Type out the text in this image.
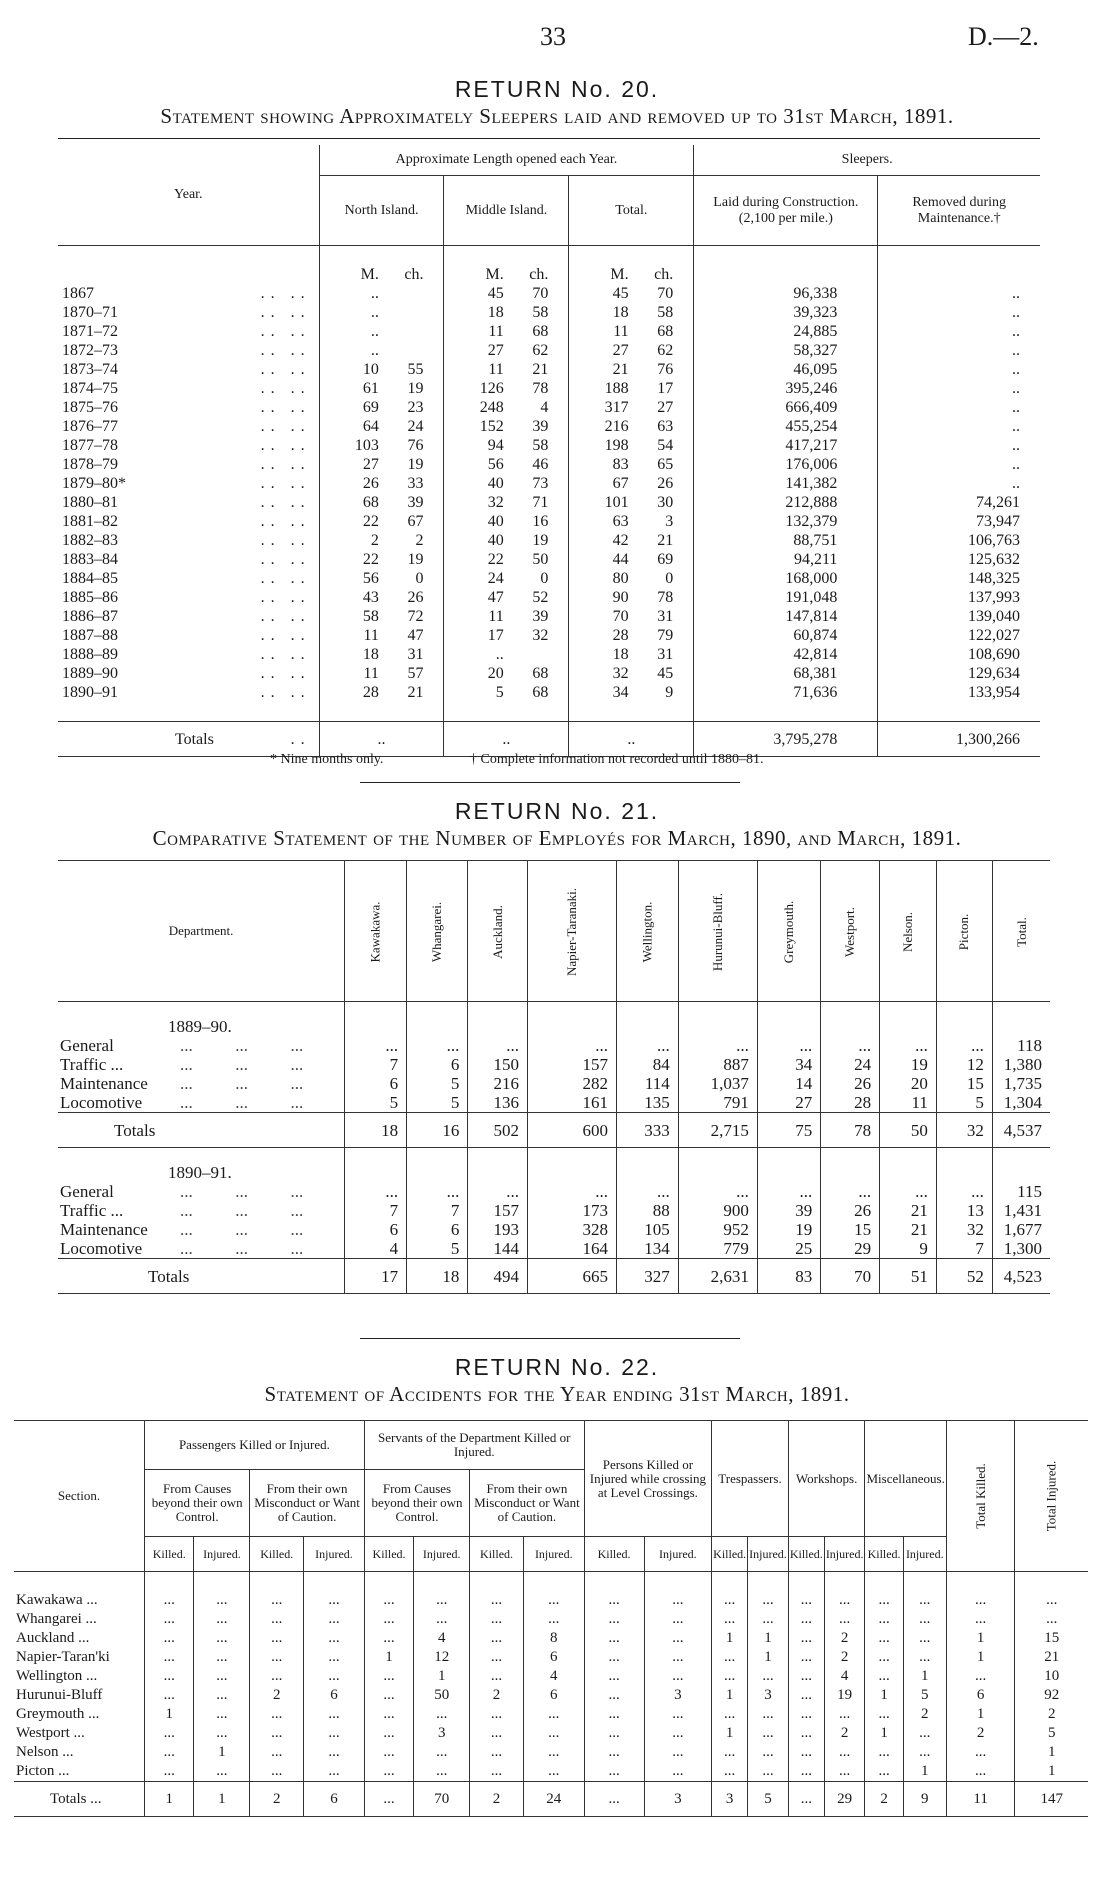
33	D.—2.
RETURN No. 20.
Statement showing Approximately Sleepers laid and removed up to 31st March, 1891.
Year.		Approximate Length opened each Year.						Sleepers.	
		North Island.		Middle Island.		Total.		Laid during Construction. (2,100 per mile.)	Removed during Maintenance.†

		M.	ch.	M.	ch.	M.	ch.		
1867	.. ..	..		45	70	45	70	96,338	..
1870–71	.. ..	..		18	58	18	58	39,323	..
1871–72	.. ..	..		11	68	11	68	24,885	..
1872–73	.. ..	..		27	62	27	62	58,327	..
1873–74	.. ..	10	55	11	21	21	76	46,095	..
1874–75	.. ..	61	19	126	78	188	17	395,246	..
1875–76	.. ..	69	23	248	4	317	27	666,409	..
1876–77	.. ..	64	24	152	39	216	63	455,254	..
1877–78	.. ..	103	76	94	58	198	54	417,217	..
1878–79	.. ..	27	19	56	46	83	65	176,006	..
1879–80*	.. ..	26	33	40	73	67	26	141,382	..
1880–81	.. ..	68	39	32	71	101	30	212,888	74,261
1881–82	.. ..	22	67	40	16	63	3	132,379	73,947
1882–83	.. ..	2	2	40	19	42	21	88,751	106,763
1883–84	.. ..	22	19	22	50	44	69	94,211	125,632
1884–85	.. ..	56	0	24	0	80	0	168,000	148,325
1885–86	.. ..	43	26	47	52	90	78	191,048	137,993
1886–87	.. ..	58	72	11	39	70	31	147,814	139,040
1887–88	.. ..	11	47	17	32	28	79	60,874	122,027
1888–89	.. ..	18	31	..		18	31	42,814	108,690
1889–90	.. ..	11	57	20	68	32	45	68,381	129,634
1890–91	.. ..	28	21	5	68	34	9	71,636	133,954

Totals	..	..		..		..		3,795,278	1,300,266
* Nine months only.	† Complete information not recorded until 1880–81.
RETURN No. 21.
Comparative Statement of the Number of Employés for March, 1890, and March, 1891.
Department.	Kawakawa.	Whangarei.	Auckland.	Napier-Taranaki.	Wellington.	Hurunui-Bluff.	Greymouth.	Westport.	Nelson.	Picton.	Total.
1889–90.											
General ...          ...          ...	...	...	...	...	...	...	...	...	...	...	118
Traffic ... ...          ...          ...	7	6	150	157	84	887	34	24	19	12	1,380
Maintenance ...          ...          ...	6	5	216	282	114	1,037	14	26	20	15	1,735
Locomotive ...          ...          ...	5	5	136	161	135	791	27	28	11	5	1,304
Totals	18	16	502	600	333	2,715	75	78	50	32	4,537
1890–91.											
General ...          ...          ...	...	...	...	...	...	...	...	...	...	...	115
Traffic ... ...          ...          ...	7	7	157	173	88	900	39	26	21	13	1,431
Maintenance ...          ...          ...	6	6	193	328	105	952	19	15	21	32	1,677
Locomotive ...          ...          ...	4	5	144	164	134	779	25	29	9	7	1,300
Totals	17	18	494	665	327	2,631	83	70	51	52	4,523
RETURN No. 22.
Statement of Accidents for the Year ending 31st March, 1891.
Section.	Passengers Killed or Injured.				Servants of the Department Killed or Injured.				Persons Killed or Injured while crossing at Level Crossings.		Trespassers.		Workshops.		Miscellaneous.		Total Killed.	Total Injured.
	From Causes beyond their own Control.		From their own Misconduct or Want of Caution.		From Causes beyond their own Control.		From their own Misconduct or Want of Caution.											
	Killed.	Injured.	Killed.	Injured.	Killed.	Injured.	Killed.	Injured.	Killed.	Injured.	Killed.	Injured.	Killed.	Injured.	Killed.	Injured.		

Kawakawa ...	...	...	...	...	...	...	...	...	...	...	...	...	...	...	...	...	...	...
Whangarei ...	...	...	...	...	...	...	...	...	...	...	...	...	...	...	...	...	...	...
Auckland ...	...	...	...	...	...	4	...	8	...	...	1	1	...	2	...	...	1	15
Napier-Taran'ki	...	...	...	...	1	12	...	6	...	...	...	1	...	2	...	...	1	21
Wellington ...	...	...	...	...	...	1	...	4	...	...	...	...	...	4	...	1	...	10
Hurunui-Bluff	...	...	2	6	...	50	2	6	...	3	1	3	...	19	1	5	6	92
Greymouth ...	1	...	...	...	...	...	...	...	...	...	...	...	...	...	...	2	1	2
Westport ...	...	...	...	...	...	3	...	...	...	...	1	...	...	2	1	...	2	5
Nelson ...	...	1	...	...	...	...	...	...	...	...	...	...	...	...	...	...	...	1
Picton ...	...	...	...	...	...	...	...	...	...	...	...	...	...	...	...	1	...	1
Totals ...	1	1	2	6	...	70	2	24	...	3	3	5	...	29	2	9	11	147
